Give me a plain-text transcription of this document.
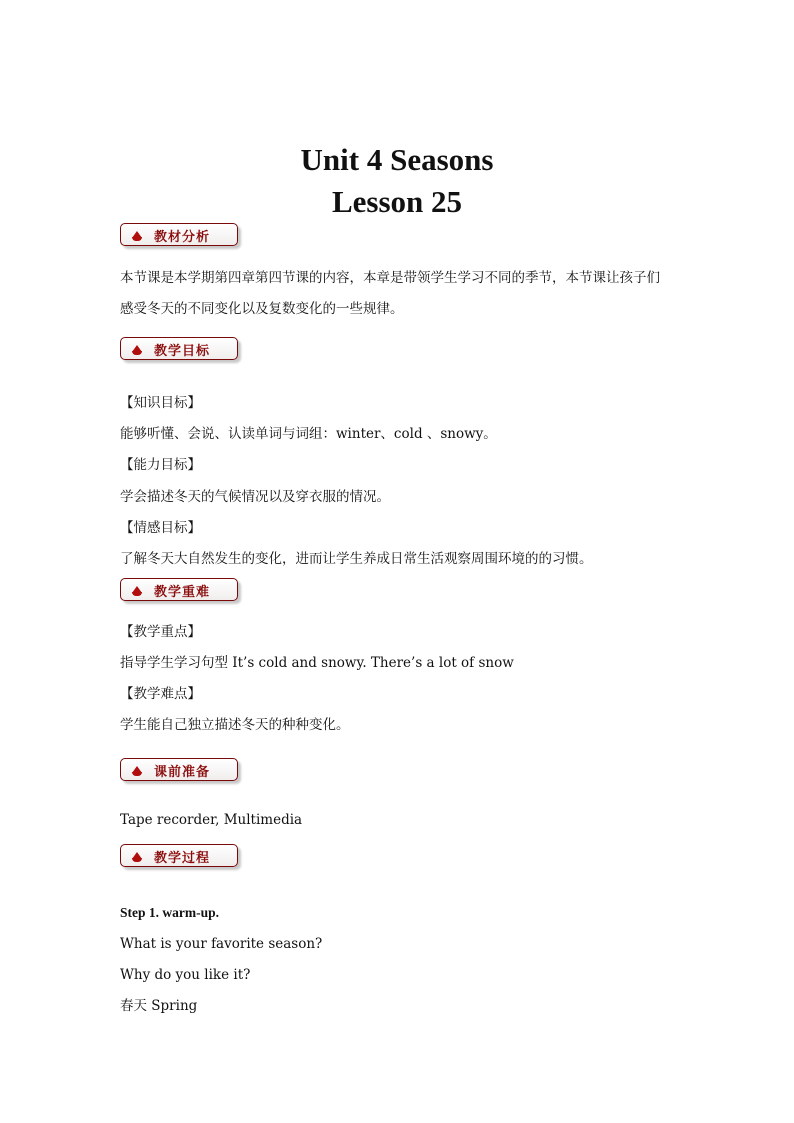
Unit 4 Seasons
Lesson 25
教材分析
本节课是本学期第四章第四节课的内容，本章是带领学生学习不同的季节，本节课让孩子们
感受冬天的不同变化以及复数变化的一些规律。
教学目标
【知识目标】
能够听懂、会说、认读单词与词组：winter、cold 、snowy。
【能力目标】
学会描述冬天的气候情况以及穿衣服的情况。
【情感目标】
了解冬天大自然发生的变化，进而让学生养成日常生活观察周围环境的的习惯。
教学重难
【教学重点】
指导学生学习句型 It’s cold and snowy. There’s a lot of snow
【教学难点】
学生能自己独立描述冬天的种种变化。
课前准备
Tape recorder, Multimedia
教学过程
Step 1. warm-up.
What is your favorite season?
Why do you like it?
春天 Spring
